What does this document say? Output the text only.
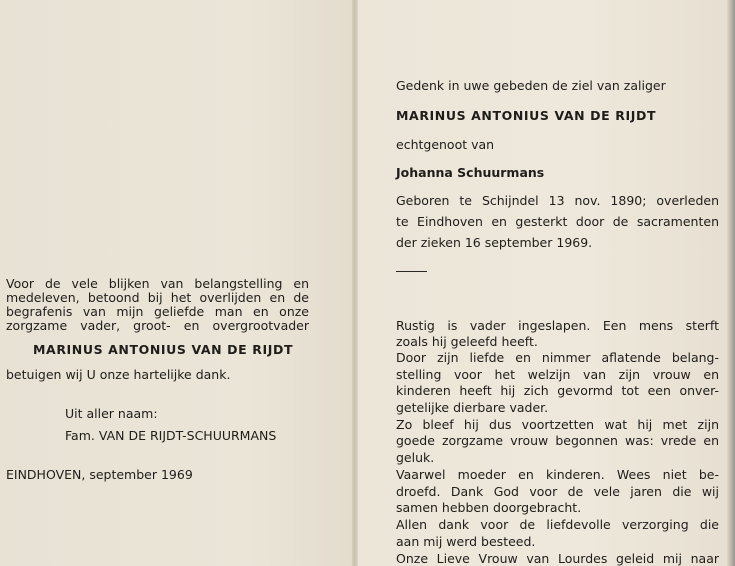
Voor de vele blijken van belangstelling en
medeleven, betoond bij het overlijden en de
begrafenis van mijn geliefde man en onze
zorgzame vader, groot- en overgrootvader
MARINUS ANTONIUS VAN DE RIJDT
betuigen wij U onze hartelijke dank.
Uit aller naam:
Fam. VAN DE RIJDT-SCHUURMANS
EINDHOVEN, september 1969
Gedenk in uwe gebeden de ziel van zaliger
MARINUS ANTONIUS VAN DE RIJDT
echtgenoot van
Johanna Schuurmans
Geboren te Schijndel 13 nov. 1890; overleden
te Eindhoven en gesterkt door de sacramenten
der zieken 16 september 1969.
Rustig is vader ingeslapen. Een mens sterft
zoals hij geleefd heeft.
Door zijn liefde en nimmer aflatende belang-
stelling voor het welzijn van zijn vrouw en
kinderen heeft hij zich gevormd tot een onver-
getelijke dierbare vader.
Zo bleef hij dus voortzetten wat hij met zijn
goede zorgzame vrouw begonnen was: vrede en
geluk.
Vaarwel moeder en kinderen. Wees niet be-
droefd. Dank God voor de vele jaren die wij
samen hebben doorgebracht.
Allen dank voor de liefdevolle verzorging die
aan mij werd besteed.
Onze Lieve Vrouw van Lourdes geleid mij naar
